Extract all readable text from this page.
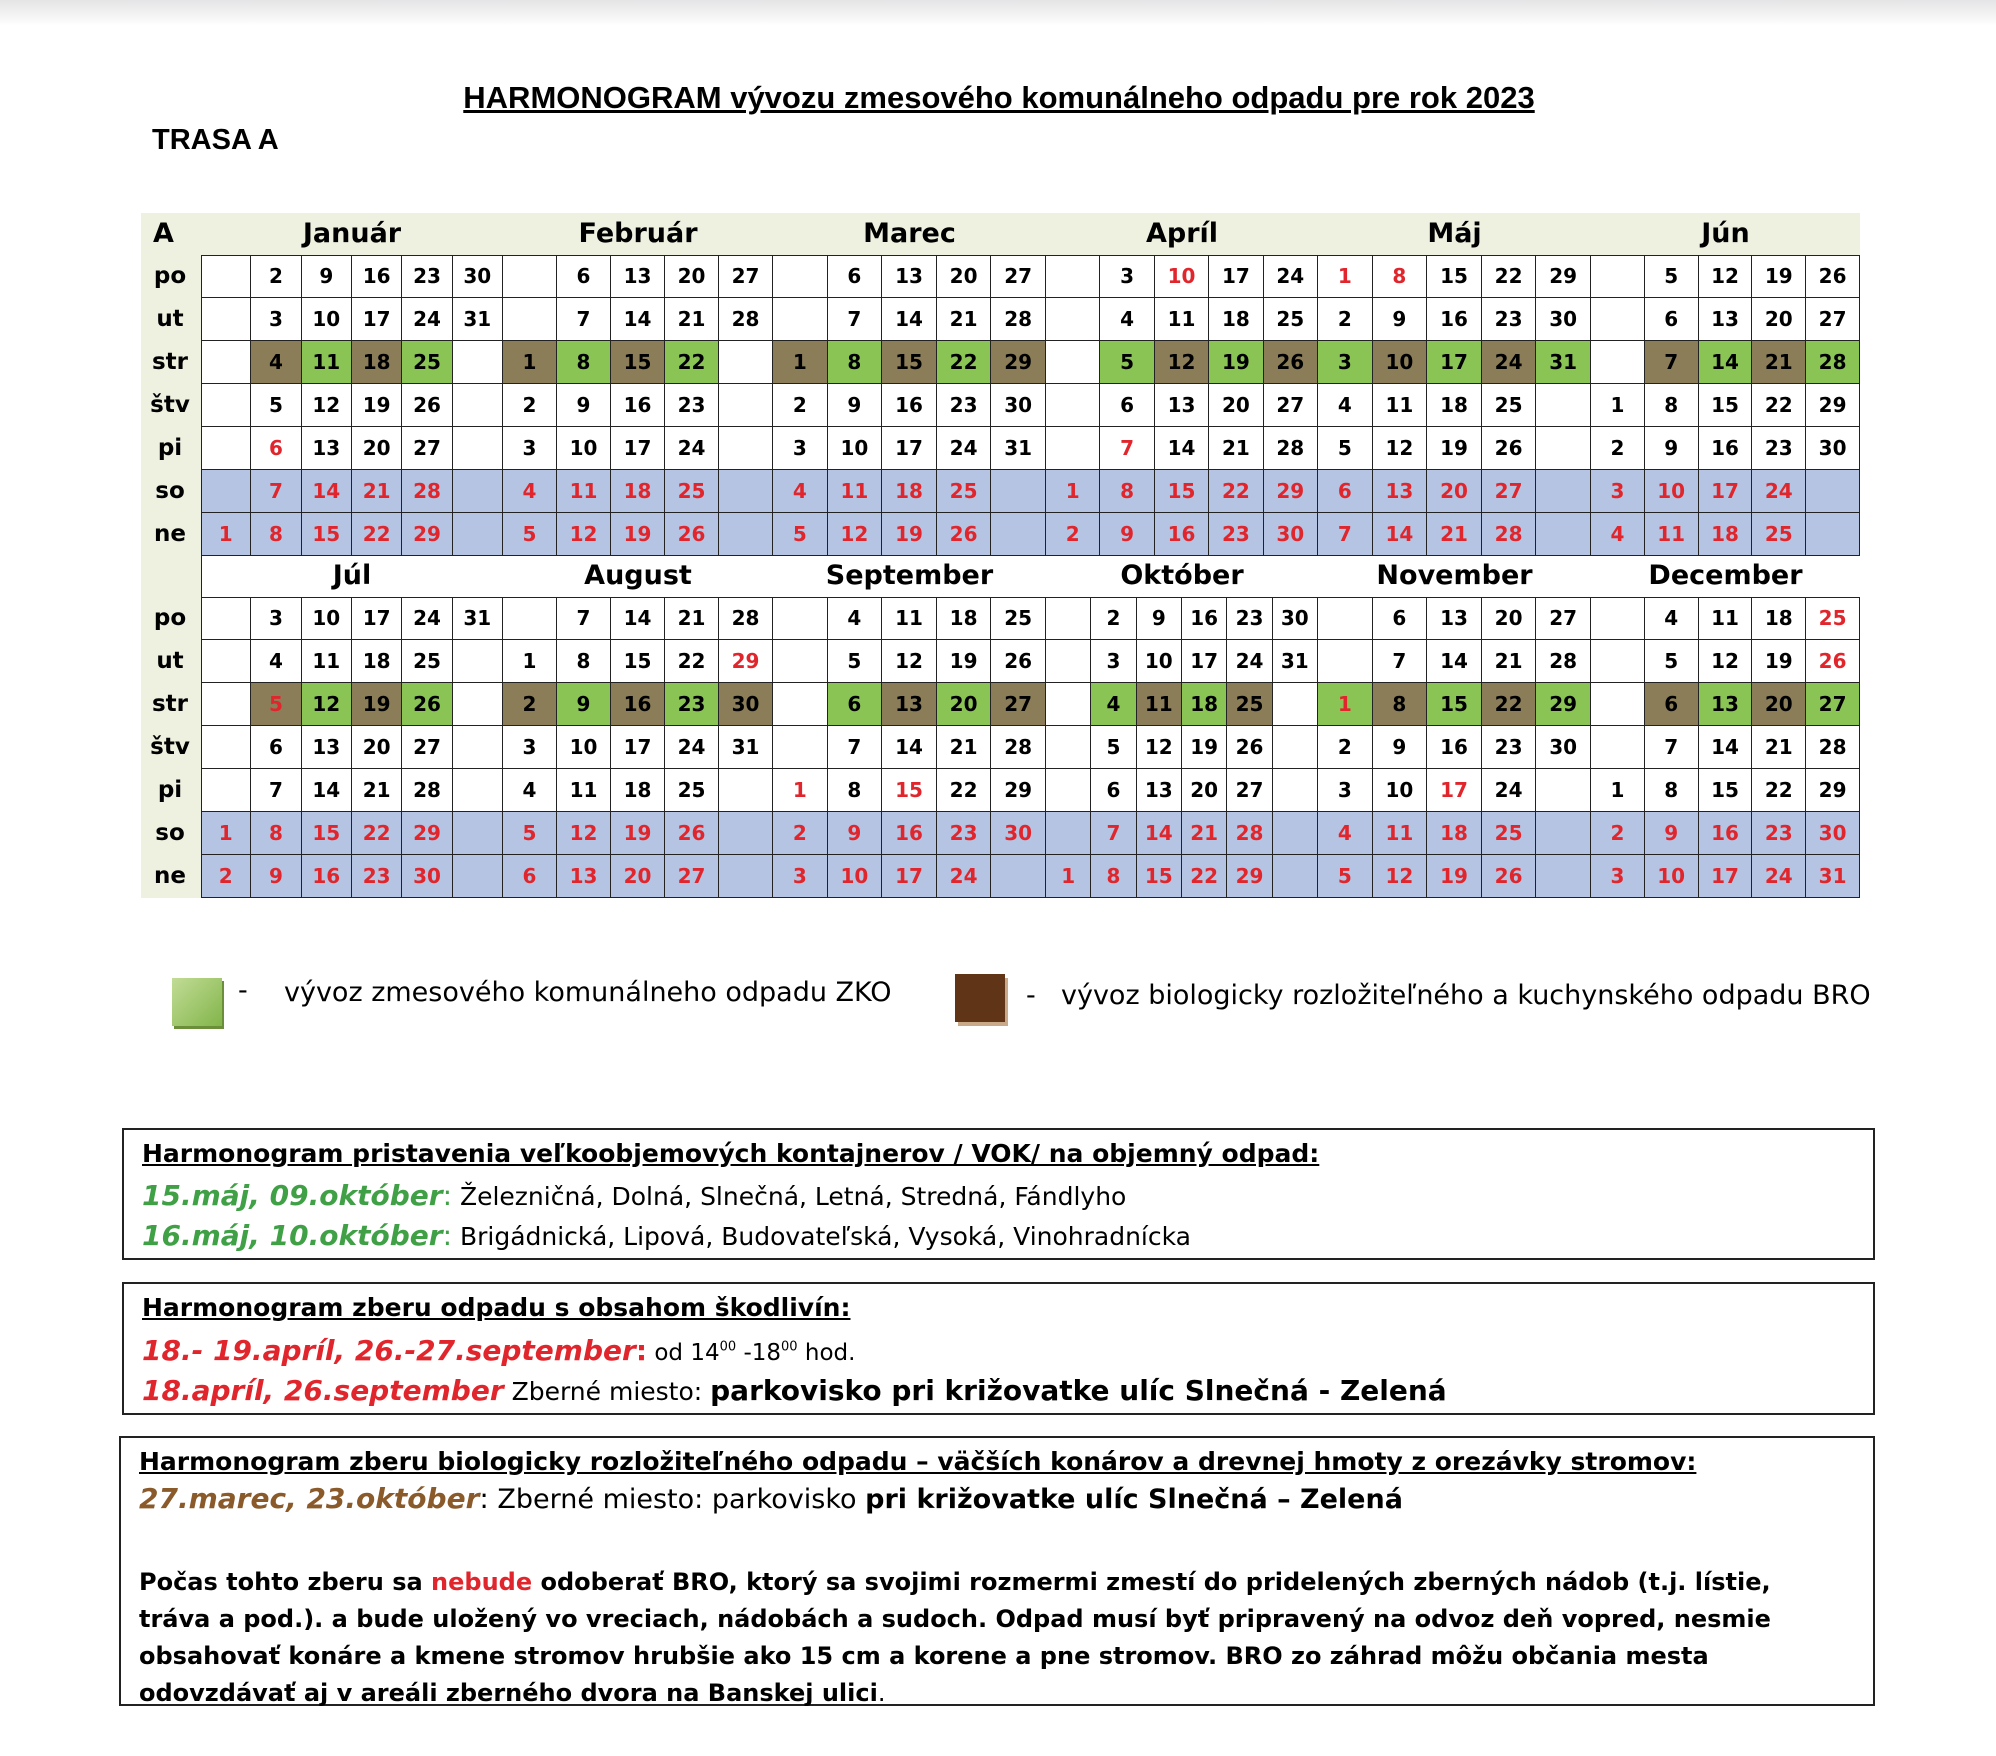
HARMONOGRAM vývozu zmesového komunálneho odpadu pre rok 2023
TRASA A
A
po
ut
str
štv
pi
so
ne
Január
1
2
3
4
5
6
7
8
9
10
11
12
13
14
15
16
17
18
19
20
21
22
23
24
25
26
27
28
29
30
31
Február
1
2
3
4
5
6
7
8
9
10
11
12
13
14
15
16
17
18
19
20
21
22
23
24
25
26
27
28
Marec
1
2
3
4
5
6
7
8
9
10
11
12
13
14
15
16
17
18
19
20
21
22
23
24
25
26
27
28
29
30
31
Apríl
1
2
3
4
5
6
7
8
9
10
11
12
13
14
15
16
17
18
19
20
21
22
23
24
25
26
27
28
29
30
Máj
1
2
3
4
5
6
7
8
9
10
11
12
13
14
15
16
17
18
19
20
21
22
23
24
25
26
27
28
29
30
31
Jún
1
2
3
4
5
6
7
8
9
10
11
12
13
14
15
16
17
18
19
20
21
22
23
24
25
26
27
28
29
30
po
ut
str
štv
pi
so
ne
Júl
1
2
3
4
5
6
7
8
9
10
11
12
13
14
15
16
17
18
19
20
21
22
23
24
25
26
27
28
29
30
31
August
1
2
3
4
5
6
7
8
9
10
11
12
13
14
15
16
17
18
19
20
21
22
23
24
25
26
27
28
29
30
31
September
1
2
3
4
5
6
7
8
9
10
11
12
13
14
15
16
17
18
19
20
21
22
23
24
25
26
27
28
29
30
Október
1
2
3
4
5
6
7
8
9
10
11
12
13
14
15
16
17
18
19
20
21
22
23
24
25
26
27
28
29
30
31
November
1
2
3
4
5
6
7
8
9
10
11
12
13
14
15
16
17
18
19
20
21
22
23
24
25
26
27
28
29
30
December
1
2
3
4
5
6
7
8
9
10
11
12
13
14
15
16
17
18
19
20
21
22
23
24
25
26
27
28
29
30
31
- vývoz zmesového komunálneho odpadu ZKO	- vývoz biologicky rozložiteľného a kuchynského odpadu BRO
Harmonogram pristavenia veľkoobjemových kontajnerov / VOK/ na objemný odpad:
15.máj, 09.október: Železničná, Dolná, Slnečná, Letná, Stredná, Fándlyho
16.máj, 10.október: Brigádnická, Lipová, Budovateľská, Vysoká, Vinohradnícka
Harmonogram zberu odpadu s obsahom škodlivín:
18.- 19.apríl, 26.-27.september: od $14^{00}$ $-18^{00}$ hod.
18.apríl, 26.september Zberné miesto: parkovisko pri križovatke ulíc Slnečná - Zelená
Harmonogram zberu biologicky rozložiteľného odpadu – väčších konárov a drevnej hmoty z orezávky stromov:
27.marec, 23.október: Zberné miesto: parkovisko pri križovatke ulíc Slnečná – Zelená
Počas tohto zberu sa nebude odoberať BRO, ktorý sa svojimi rozmermi zmestí do pridelených zberných nádob (t.j. lístie, tráva a pod.). a bude uložený vo vreciach, nádobách a sudoch. Odpad musí byť pripravený na odvoz deň vopred, nesmie obsahovať konáre a kmene stromov hrubšie ako 15 cm a korene a pne stromov. BRO zo záhrad môžu občania mesta odovzdávať aj v areáli zberného dvora na Banskej ulici.
